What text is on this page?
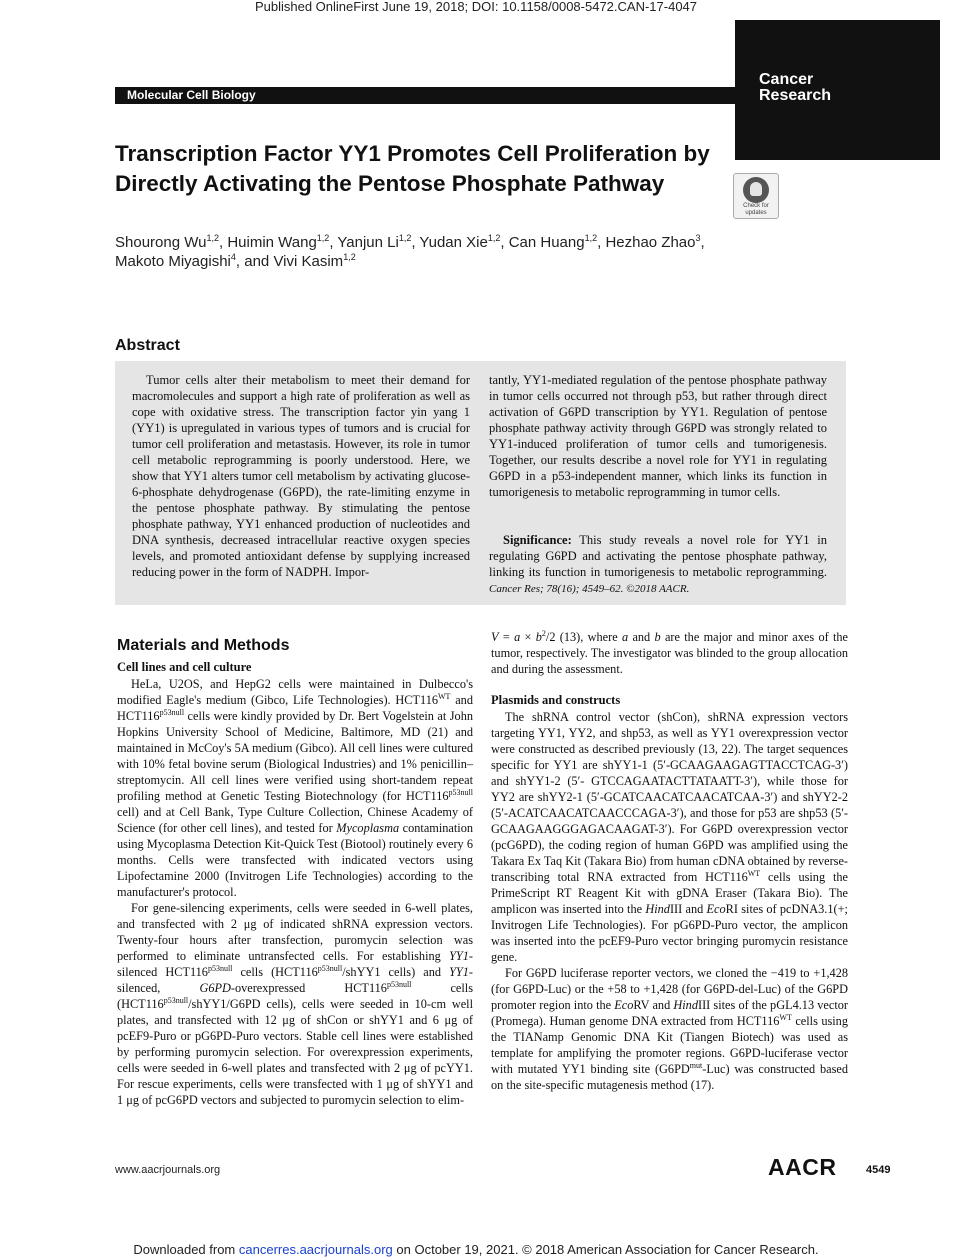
Published OnlineFirst June 19, 2018; DOI: 10.1158/0008-5472.CAN-17-4047
Cancer
Research
Molecular Cell Biology
Transcription Factor YY1 Promotes Cell Proliferation by Directly Activating the Pentose Phosphate Pathway
Check for
updates
Shourong Wu$^{1,2}$, Huimin Wang$^{1,2}$, Yanjun Li$^{1,2}$, Yudan Xie$^{1,2}$, Can Huang$^{1,2}$, Hezhao Zhao$^3$, Makoto Miyagishi$^4$, and Vivi Kasim$^{1,2}$
Abstract
Tumor cells alter their metabolism to meet their demand for macromolecules and support a high rate of proliferation as well as cope with oxidative stress. The transcription factor yin yang 1 (YY1) is upregulated in various types of tumors and is crucial for tumor cell proliferation and metastasis. However, its role in tumor cell metabolic reprogramming is poorly understood. Here, we show that YY1 alters tumor cell metabolism by activating glucose-6-phosphate dehydrogenase (G6PD), the rate-limiting enzyme in the pentose phosphate pathway. By stimulating the pentose phosphate pathway, YY1 enhanced production of nucleotides and DNA synthesis, decreased intracellular reactive oxygen species levels, and promoted antioxidant defense by supplying increased reducing power in the form of NADPH. Impor-
tantly, YY1-mediated regulation of the pentose phosphate pathway in tumor cells occurred not through p53, but rather through direct activation of G6PD transcription by YY1. Regulation of pentose phosphate pathway activity through G6PD was strongly related to YY1-induced proliferation of tumor cells and tumorigenesis. Together, our results describe a novel role for YY1 in regulating G6PD in a p53-independent manner, which links its function in tumorigenesis to metabolic reprogramming in tumor cells.
Significance: This study reveals a novel role for YY1 in regulating G6PD and activating the pentose phosphate pathway, linking its function in tumorigenesis to metabolic reprogramming. Cancer Res; 78(16); 4549–62. ©2018 AACR.
Materials and Methods
Cell lines and cell culture

HeLa, U2OS, and HepG2 cells were maintained in Dulbecco's modified Eagle's medium (Gibco, Life Technologies). $HCT116^{WT}$ and $HCT116^{p53null}$ cells were kindly provided by Dr. Bert Vogelstein at John Hopkins University School of Medicine, Baltimore, MD (21) and maintained in McCoy's 5A medium (Gibco). All cell lines were cultured with 10% fetal bovine serum (Biological Industries) and 1% penicillin–streptomycin. All cell lines were verified using short-tandem repeat profiling method at Genetic Testing Biotechnology (for $HCT116^{p53null}$ cell) and at Cell Bank, Type Culture Collection, Chinese Academy of Science (for other cell lines), and tested for Mycoplasma contamination using Mycoplasma Detection Kit-Quick Test (Biotool) routinely every 6 months. Cells were transfected with indicated vectors using Lipofectamine 2000 (Invitrogen Life Technologies) according to the manufacturer's protocol.

For gene-silencing experiments, cells were seeded in 6-well plates, and transfected with 2 μg of indicated shRNA expression vectors. Twenty-four hours after transfection, puromycin selection was performed to eliminate untransfected cells. For establishing YY1-silenced $HCT116^{p53null}$ cells ($HCT116^{p53null}/shYY1$ cells) and YY1-silenced, G6PD-overexpressed $HCT116^{p53null}$ cells ($HCT116^{p53null}/shYY1/G6PD$ cells), cells were seeded in 10-cm well plates, and transfected with 12 μg of shCon or shYY1 and 6 μg of pcEF9-Puro or pG6PD-Puro vectors. Stable cell lines were established by performing puromycin selection. For overexpression experiments, cells were seeded in 6-well plates and transfected with 2 μg of pcYY1. For rescue experiments, cells were transfected with 1 μg of shYY1 and 1 μg of pcG6PD vectors and subjected to puromycin selection to elim-

$V = a \times b^2/2$ (13), where a and b are the major and minor axes of the tumor, respectively. The investigator was blinded to the group allocation and during the assessment.

Plasmids and constructs

The shRNA control vector (shCon), shRNA expression vectors targeting YY1, YY2, and shp53, as well as YY1 overexpression vector were constructed as described previously (13, 22). The target sequences specific for YY1 are shYY1-1 (5′-GCAAGAAGAGTTACCTCAG-3′) and shYY1-2 (5′- GTCCAGAATACTTATAATT-3′), while those for YY2 are shYY2-1 (5′-GCATCAACATCAACATCAA-3′) and shYY2-2 (5′-ACATCAACATCAACCCAGA-3′), and those for p53 are shp53 (5′- GCAAGAAGGGAGACAAGAT-3′). For G6PD overexpression vector (pcG6PD), the coding region of human G6PD was amplified using the Takara Ex Taq Kit (Takara Bio) from human cDNA obtained by reverse-transcribing total RNA extracted from $HCT116^{WT}$ cells using the PrimeScript RT Reagent Kit with gDNA Eraser (Takara Bio). The amplicon was inserted into the HindIII and EcoRI sites of pcDNA3.1(+; Invitrogen Life Technologies). For pG6PD-Puro vector, the amplicon was inserted into the pcEF9-Puro vector bringing puromycin resistance gene.

For G6PD luciferase reporter vectors, we cloned the −419 to +1,428 (for G6PD-Luc) or the +58 to +1,428 (for G6PD-del-Luc) of the G6PD promoter region into the EcoRV and HindIII sites of the pGL4.13 vector (Promega). Human genome DNA extracted from $HCT116^{WT}$ cells using the TIANamp Genomic DNA Kit (Tiangen Biotech) was used as template for amplifying the promoter regions. G6PD-luciferase vector with mutated YY1 binding site $(G6PD^{mut}-Luc)$ was constructed based on the site-specific mutagenesis method (17).

www.aacrjournals.org	AACR	4549
Downloaded from cancerres.aacrjournals.org on October 19, 2021. © 2018 American Association for Cancer Research.
